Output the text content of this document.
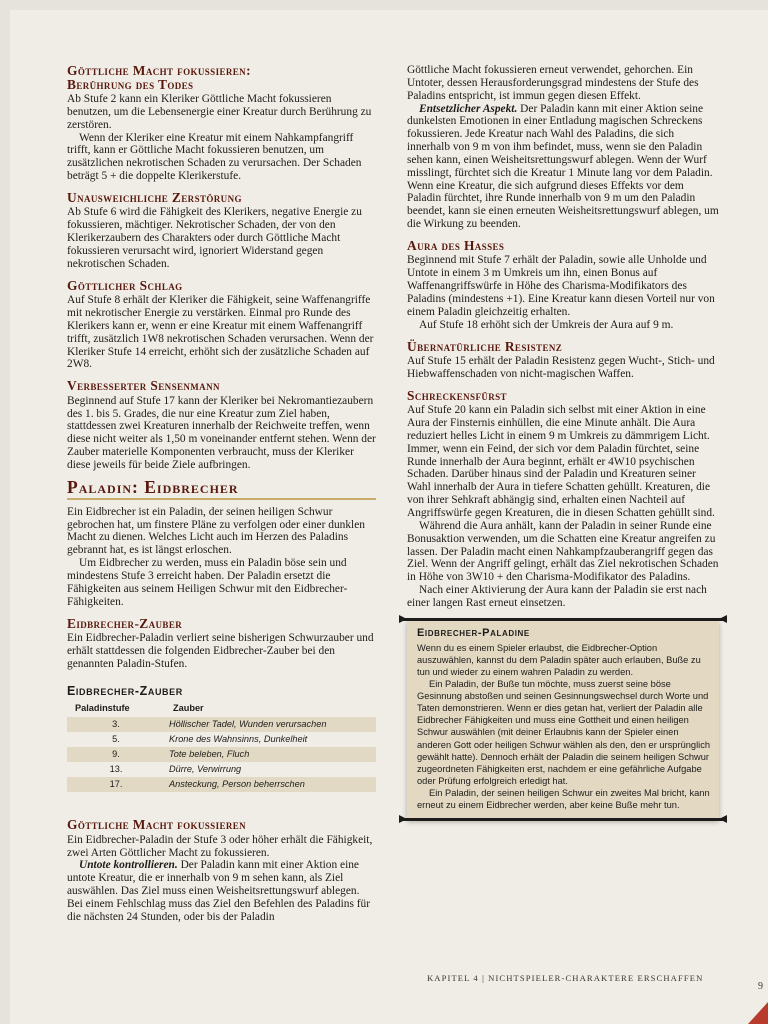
Göttliche Macht fokussieren:
Berührung des Todes

Ab Stufe 2 kann ein Kleriker Göttliche Macht fokussieren benutzen, um die Lebensenergie einer Kreatur durch Berührung zu zerstören.

Wenn der Kleriker eine Kreatur mit einem Nahkampfangriff trifft, kann er Göttliche Macht fokussieren benutzen, um zusätzlichen nekrotischen Schaden zu verursachen. Der Schaden beträgt 5 + die doppelte Klerikerstufe.

Unausweichliche Zerstörung

Ab Stufe 6 wird die Fähigkeit des Klerikers, negative Energie zu fokussieren, mächtiger. Nekrotischer Schaden, der von den Klerikerzaubern des Charakters oder durch Göttliche Macht fokussieren verursacht wird, ignoriert Widerstand gegen nekrotischen Schaden.

Göttlicher Schlag

Auf Stufe 8 erhält der Kleriker die Fähigkeit, seine Waffenangriffe mit nekrotischer Energie zu verstärken. Einmal pro Runde des Klerikers kann er, wenn er eine Kreatur mit einem Waffenangriff trifft, zusätzlich 1W8 nekrotischen Schaden verursachen. Wenn der Kleriker Stufe 14 erreicht, erhöht sich der zusätzliche Schaden auf 2W8.

Verbesserter Sensenmann

Beginnend auf Stufe 17 kann der Kleriker bei Nekromantiezaubern des 1. bis 5. Grades, die nur eine Kreatur zum Ziel haben, stattdessen zwei Kreaturen innerhalb der Reichweite treffen, wenn diese nicht weiter als 1,50 m voneinander entfernt stehen. Wenn der Zauber materielle Komponenten verbraucht, muss der Kleriker diese jeweils für beide Ziele aufbringen.

Paladin: Eidbrecher

Ein Eidbrecher ist ein Paladin, der seinen heiligen Schwur gebrochen hat, um finstere Pläne zu verfolgen oder einer dunklen Macht zu dienen. Welches Licht auch im Herzen des Paladins gebrannt hat, es ist längst erloschen.

Um Eidbrecher zu werden, muss ein Paladin böse sein und mindestens Stufe 3 erreicht haben. Der Paladin ersetzt die Fähigkeiten aus seinem Heiligen Schwur mit den Eidbrecher-Fähigkeiten.

Eidbrecher-Zauber

Ein Eidbrecher-Paladin verliert seine bisherigen Schwurzauber und erhält stattdessen die folgenden Eidbrecher-Zauber bei den genannten Paladin-Stufen.

Eidbrecher-Zauber
Paladinstufe	Zauber
3.	Höllischer Tadel, Wunden verursachen
5.	Krone des Wahnsinns, Dunkelheit
9.	Tote beleben, Fluch
13.	Dürre, Verwirrung
17.	Ansteckung, Person beherrschen
Göttliche Macht fokussieren

Ein Eidbrecher-Paladin der Stufe 3 oder höher erhält die Fähigkeit, zwei Arten Göttlicher Macht zu fokussieren.

Untote kontrollieren. Der Paladin kann mit einer Aktion eine untote Kreatur, die er innerhalb von 9 m sehen kann, als Ziel auswählen. Das Ziel muss einen Weisheitsrettungswurf ablegen. Bei einem Fehlschlag muss das Ziel den Befehlen des Paladins für die nächsten 24 Stunden, oder bis der Paladin

Göttliche Macht fokussieren erneut verwendet, gehorchen. Ein Untoter, dessen Herausforderungsgrad mindestens der Stufe des Paladins entspricht, ist immun gegen diesen Effekt.

Entsetzlicher Aspekt. Der Paladin kann mit einer Aktion seine dunkelsten Emotionen in einer Entladung magischen Schreckens fokussieren. Jede Kreatur nach Wahl des Paladins, die sich innerhalb von 9 m von ihm befindet, muss, wenn sie den Paladin sehen kann, einen Weisheitsrettungswurf ablegen. Wenn der Wurf misslingt, fürchtet sich die Kreatur 1 Minute lang vor dem Paladin. Wenn eine Kreatur, die sich aufgrund dieses Effekts vor dem Paladin fürchtet, ihre Runde innerhalb von 9 m um den Paladin beendet, kann sie einen erneuten Weisheitsrettungswurf ablegen, um die Wirkung zu beenden.

Aura des Hasses

Beginnend mit Stufe 7 erhält der Paladin, sowie alle Unholde und Untote in einem 3 m Umkreis um ihn, einen Bonus auf Waffenangriffswürfe in Höhe des Charisma-Modifikators des Paladins (mindestens +1). Eine Kreatur kann diesen Vorteil nur von einem Paladin gleichzeitig erhalten.

Auf Stufe 18 erhöht sich der Umkreis der Aura auf 9 m.

Übernatürliche Resistenz

Auf Stufe 15 erhält der Paladin Resistenz gegen Wucht-, Stich- und Hiebwaffenschaden von nicht-magischen Waffen.

Schreckensfürst

Auf Stufe 20 kann ein Paladin sich selbst mit einer Aktion in eine Aura der Finsternis einhüllen, die eine Minute anhält. Die Aura reduziert helles Licht in einem 9 m Umkreis zu dämmrigem Licht. Immer, wenn ein Feind, der sich vor dem Paladin fürchtet, seine Runde innerhalb der Aura beginnt, erhält er 4W10 psychischen Schaden. Darüber hinaus sind der Paladin und Kreaturen seiner Wahl innerhalb der Aura in tiefere Schatten gehüllt. Kreaturen, die von ihrer Sehkraft abhängig sind, erhalten einen Nachteil auf Angriffswürfe gegen Kreaturen, die in diesen Schatten gehüllt sind.

Während die Aura anhält, kann der Paladin in seiner Runde eine Bonusaktion verwenden, um die Schatten eine Kreatur angreifen zu lassen. Der Paladin macht einen Nahkampfzauberangriff gegen das Ziel. Wenn der Angriff gelingt, erhält das Ziel nekrotischen Schaden in Höhe von 3W10 + den Charisma-Modifikator des Paladins.

Nach einer Aktivierung der Aura kann der Paladin sie erst nach einer langen Rast erneut einsetzen.

Eidbrecher-Paladine

Wenn du es einem Spieler erlaubst, die Eidbrecher-Option auszuwählen, kannst du dem Paladin später auch erlauben, Buße zu tun und wieder zu einem wahren Paladin zu werden.

Ein Paladin, der Buße tun möchte, muss zuerst seine böse Gesinnung abstoßen und seinen Gesinnungswechsel durch Worte und Taten demonstrieren. Wenn er dies getan hat, verliert der Paladin alle Eidbrecher Fähigkeiten und muss eine Gottheit und einen heiligen Schwur auswählen (mit deiner Erlaubnis kann der Spieler einen anderen Gott oder heiligen Schwur wählen als den, den er ursprünglich gewählt hatte). Dennoch erhält der Paladin die seinem heiligen Schwur zugeordneten Fähigkeiten erst, nachdem er eine gefährliche Aufgabe oder Prüfung erfolgreich erledigt hat.

Ein Paladin, der seinen heiligen Schwur ein zweites Mal bricht, kann erneut zu einem Eidbrecher werden, aber keine Buße mehr tun.

KAPITEL 4 | NICHTSPIELER-CHARAKTERE ERSCHAFFEN
9
